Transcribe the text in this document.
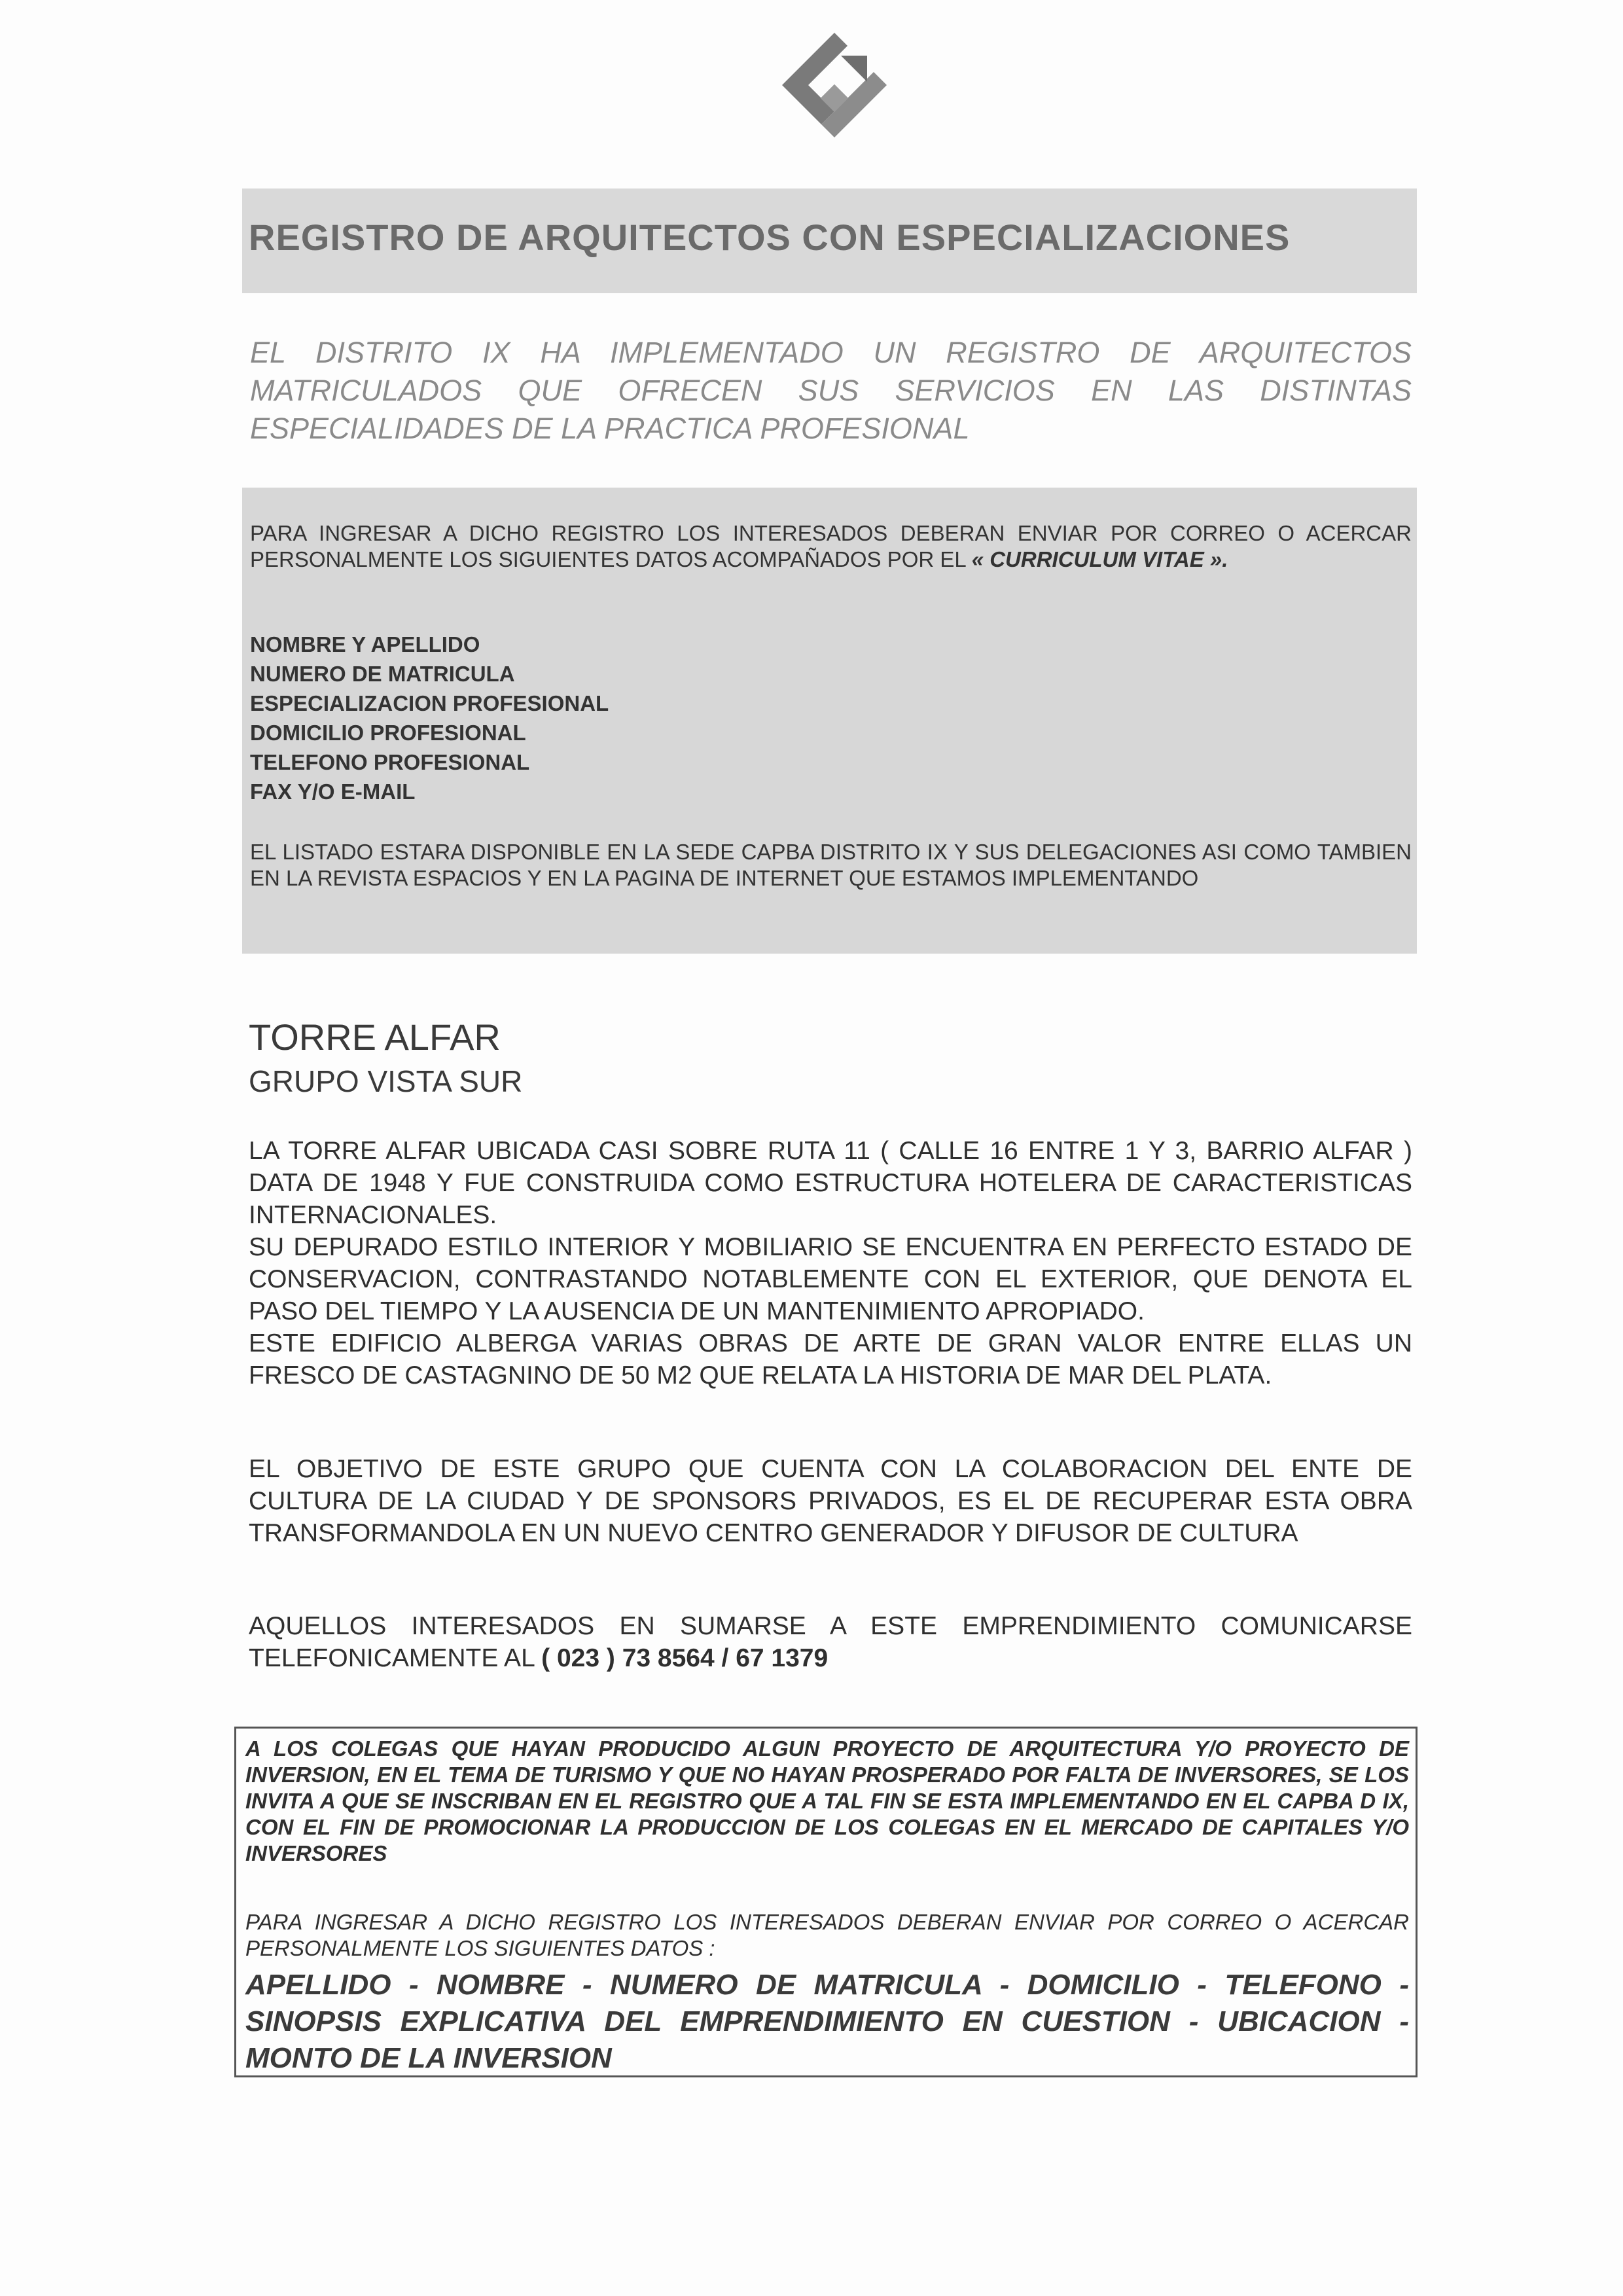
REGISTRO DE ARQUITECTOS CON ESPECIALIZACIONES
EL DISTRITO IX HA IMPLEMENTADO UN REGISTRO DE ARQUITECTOS MATRICULADOS QUE OFRECEN SUS SERVICIOS EN LAS DISTINTAS ESPECIALIDADES DE LA PRACTICA PROFESIONAL
PARA INGRESAR A DICHO REGISTRO LOS INTERESADOS DEBERAN ENVIAR POR CORREO O ACERCAR PERSONALMENTE LOS SIGUIENTES DATOS ACOMPAÑADOS POR EL « CURRICULUM VITAE ».
NOMBRE Y APELLIDO
NUMERO DE MATRICULA
ESPECIALIZACION PROFESIONAL
DOMICILIO PROFESIONAL
TELEFONO PROFESIONAL
FAX Y/O E-MAIL
EL LISTADO ESTARA DISPONIBLE EN LA SEDE CAPBA DISTRITO IX Y SUS DELEGACIONES ASI COMO TAMBIEN EN LA REVISTA ESPACIOS Y EN LA PAGINA DE INTERNET QUE ESTAMOS IMPLEMENTANDO
TORRE ALFAR
GRUPO VISTA SUR
LA TORRE ALFAR UBICADA CASI SOBRE RUTA 11 ( CALLE 16 ENTRE 1 Y 3, BARRIO ALFAR ) DATA DE 1948 Y FUE CONSTRUIDA COMO ESTRUCTURA HOTELERA DE CARACTERISTICAS INTERNACIONALES.
SU DEPURADO ESTILO INTERIOR Y MOBILIARIO SE ENCUENTRA EN PERFECTO ESTADO DE CONSERVACION, CONTRASTANDO NOTABLEMENTE CON EL EXTERIOR, QUE DENOTA EL PASO DEL TIEMPO Y LA AUSENCIA DE UN MANTENIMIENTO APROPIADO.
ESTE EDIFICIO ALBERGA VARIAS OBRAS DE ARTE DE GRAN VALOR ENTRE ELLAS UN FRESCO DE CASTAGNINO DE 50 M2 QUE RELATA LA HISTORIA DE MAR DEL PLATA.
EL OBJETIVO DE ESTE GRUPO QUE CUENTA CON LA COLABORACION DEL ENTE DE CULTURA DE LA CIUDAD Y DE SPONSORS PRIVADOS, ES EL DE RECUPERAR ESTA OBRA TRANSFORMANDOLA EN UN NUEVO CENTRO GENERADOR Y DIFUSOR DE CULTURA
AQUELLOS INTERESADOS EN SUMARSE A ESTE EMPRENDIMIENTO COMUNICARSE TELEFONICAMENTE AL ( 023 ) 73 8564 / 67 1379
A LOS COLEGAS QUE HAYAN PRODUCIDO ALGUN PROYECTO DE ARQUITECTURA Y/O PROYECTO DE INVERSION, EN EL TEMA DE TURISMO Y QUE NO HAYAN PROSPERADO POR FALTA DE INVERSORES, SE LOS INVITA A QUE SE INSCRIBAN EN EL REGISTRO QUE A TAL FIN SE ESTA IMPLEMENTANDO EN EL CAPBA D IX, CON EL FIN DE PROMOCIONAR LA PRODUCCION DE LOS COLEGAS EN EL MERCADO DE CAPITALES Y/O INVERSORES
PARA INGRESAR A DICHO REGISTRO LOS INTERESADOS DEBERAN ENVIAR POR CORREO O ACERCAR PERSONALMENTE LOS SIGUIENTES DATOS :
APELLIDO - NOMBRE - NUMERO DE MATRICULA - DOMICILIO - TELEFONO - SINOPSIS EXPLICATIVA DEL EMPRENDIMIENTO EN CUESTION - UBICACION - MONTO DE LA INVERSION
